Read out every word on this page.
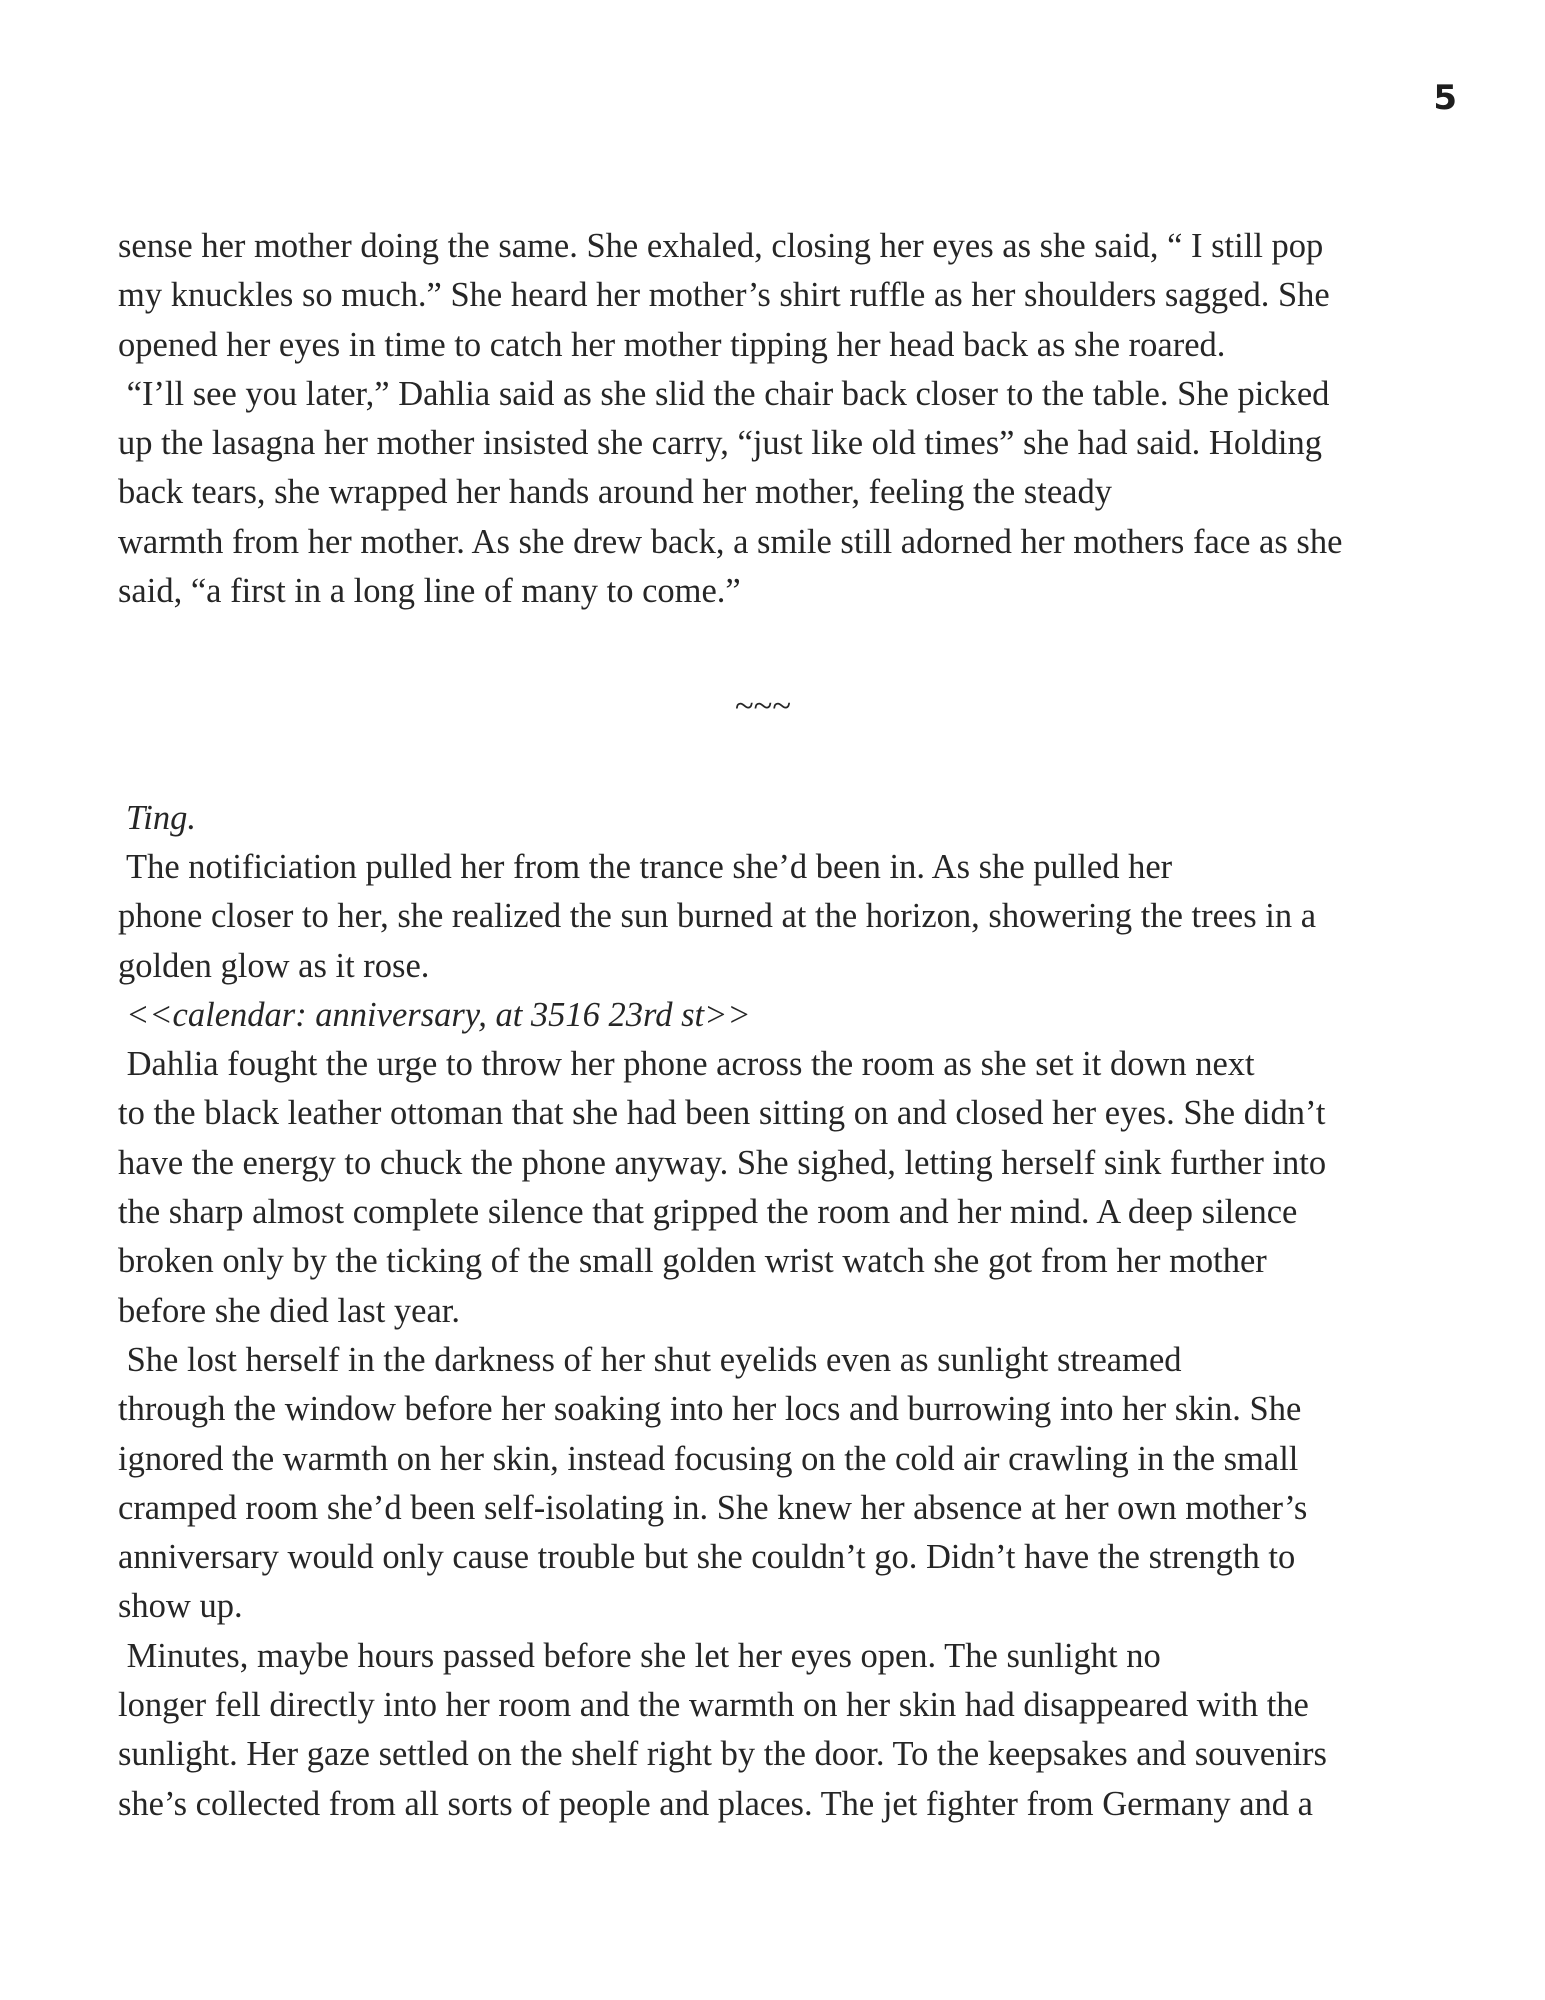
5
sense her mother doing the same. She exhaled, closing her eyes as she said, “ I still pop
my knuckles so much.” She heard her mother’s shirt ruffle as her shoulders sagged. She
opened her eyes in time to catch her mother tipping her head back as she roared.
“I’ll see you later,” Dahlia said as she slid the chair back closer to the table. She picked
up the lasagna her mother insisted she carry, “just like old times” she had said. Holding
back tears, she wrapped her hands around her mother, feeling the steady
warmth from her mother. As she drew back, a smile still adorned her mothers face as she
said, “a first in a long line of many to come.”
~~~
Ting.
The notificiation pulled her from the trance she’d been in. As she pulled her
phone closer to her, she realized the sun burned at the horizon, showering the trees in a
golden glow as it rose.
<<calendar: anniversary, at 3516 23rd st>>
Dahlia fought the urge to throw her phone across the room as she set it down next
to the black leather ottoman that she had been sitting on and closed her eyes. She didn’t
have the energy to chuck the phone anyway. She sighed, letting herself sink further into
the sharp almost complete silence that gripped the room and her mind. A deep silence
broken only by the ticking of the small golden wrist watch she got from her mother
before she died last year.
She lost herself in the darkness of her shut eyelids even as sunlight streamed
through the window before her soaking into her locs and burrowing into her skin. She
ignored the warmth on her skin, instead focusing on the cold air crawling in the small
cramped room she’d been self-isolating in. She knew her absence at her own mother’s
anniversary would only cause trouble but she couldn’t go. Didn’t have the strength to
show up.
Minutes, maybe hours passed before she let her eyes open. The sunlight no
longer fell directly into her room and the warmth on her skin had disappeared with the
sunlight. Her gaze settled on the shelf right by the door. To the keepsakes and souvenirs
she’s collected from all sorts of people and places. The jet fighter from Germany and a
